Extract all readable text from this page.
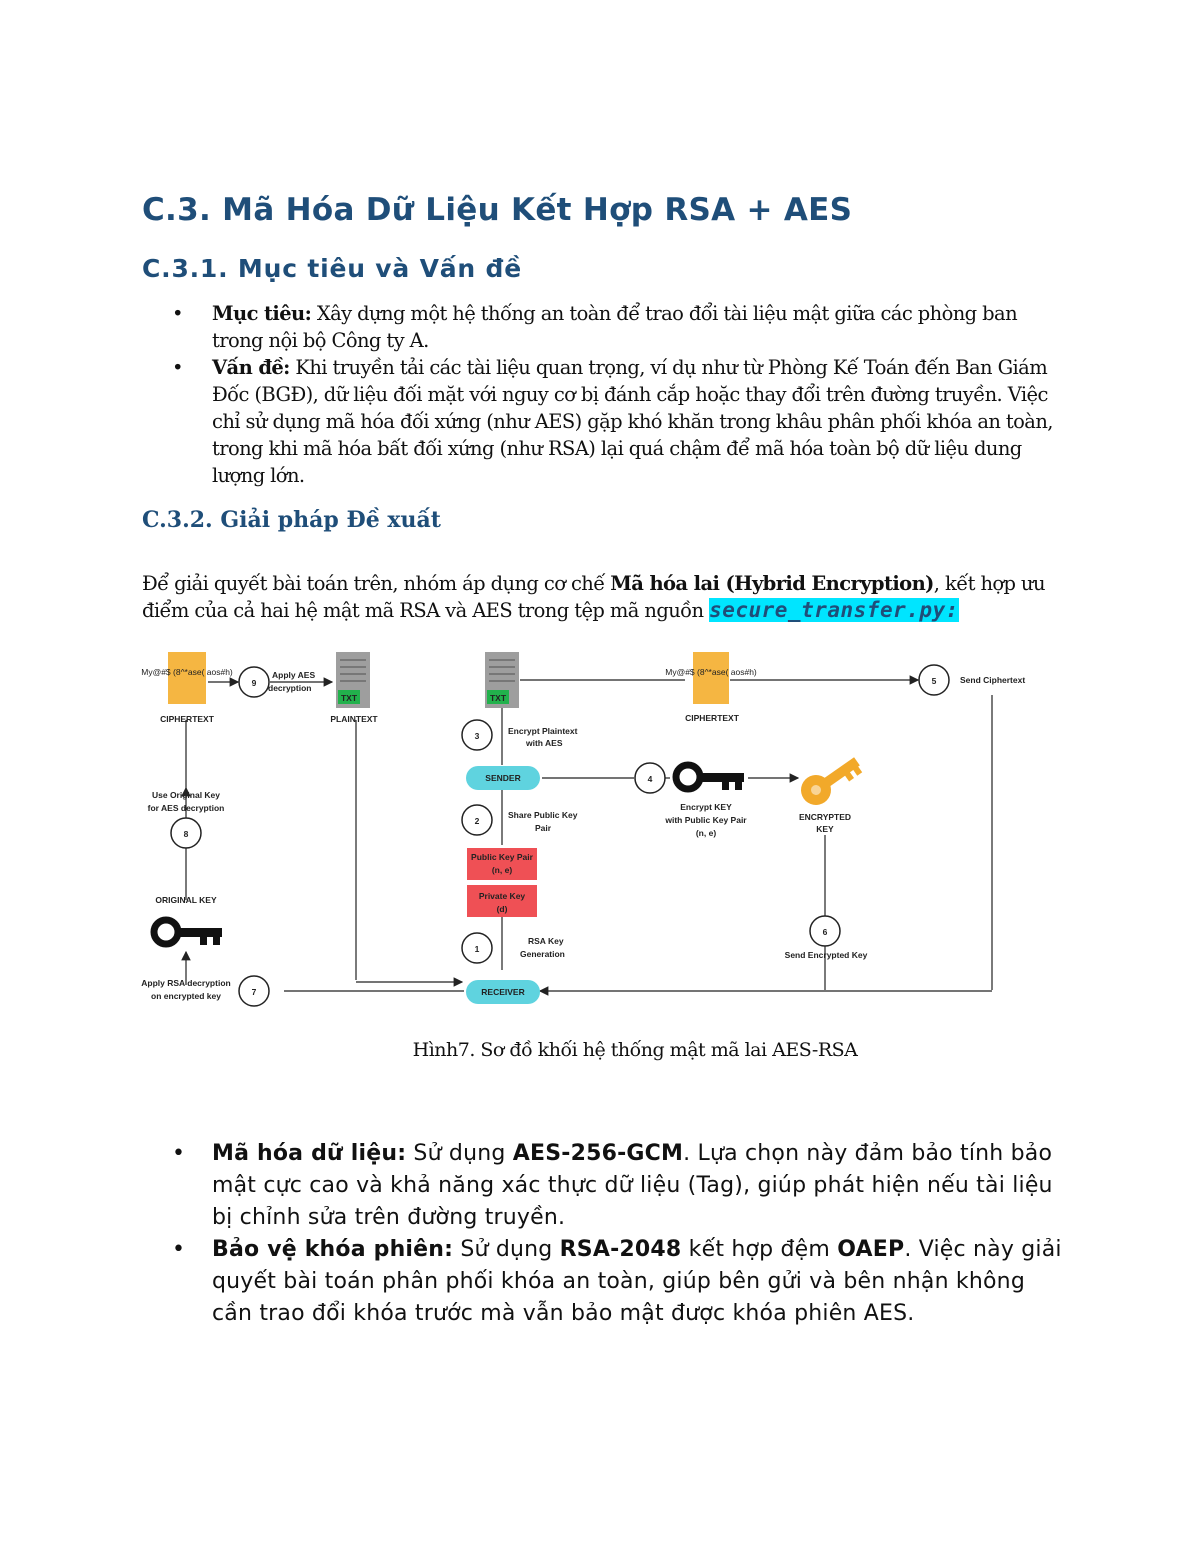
C.3. Mã Hóa Dữ Liệu Kết Hợp RSA + AES
C.3.1. Mục tiêu và Vấn đề
• Mục tiêu: Xây dựng một hệ thống an toàn để trao đổi tài liệu mật giữa các phòng ban trong nội bộ Công ty A.
• Vấn đề: Khi truyền tải các tài liệu quan trọng, ví dụ như từ Phòng Kế Toán đến Ban Giám Đốc (BGĐ), dữ liệu đối mặt với nguy cơ bị đánh cắp hoặc thay đổi trên đường truyền. Việc chỉ sử dụng mã hóa đối xứng (như AES) gặp khó khăn trong khâu phân phối khóa an toàn, trong khi mã hóa bất đối xứng (như RSA) lại quá chậm để mã hóa toàn bộ dữ liệu dung lượng lớn.
C.3.2. Giải pháp Đề xuất

Để giải quyết bài toán trên, nhóm áp dụng cơ chế Mã hóa lai (Hybrid Encryption), kết hợp ưu điểm của cả hai hệ mật mã RSA và AES trong tệp mã nguồn secure_transfer.py:

My@#$ (8^*ase( aos#h)
CIPHERTEXT
9
Apply AES
decryption
TXT
PLAINTEXT
TXT
My@#$ (8^*ase( aos#h)
CIPHERTEXT
5	Send Ciphertext
3	Encrypt Plaintext
with AES
SENDER	4
Encrypt KEY
with Public Key Pair
(n, e)
ENCRYPTED
KEY
2
Share Public Key
Pair
Public Key Pair
(n, e)
Private Key
(d)
1
RSA Key
Generation
RECEIVER
6
Send Encrypted Key
Use Original Key
for AES decryption
8
ORIGINAL KEY
Apply RSA decryption
on encrypted key	7
Hình7. Sơ đồ khối hệ thống mật mã lai AES-RSA
• Mã hóa dữ liệu: Sử dụng AES-256-GCM. Lựa chọn này đảm bảo tính bảo mật cực cao và khả năng xác thực dữ liệu (Tag), giúp phát hiện nếu tài liệu bị chỉnh sửa trên đường truyền.
• Bảo vệ khóa phiên: Sử dụng RSA-2048 kết hợp đệm OAEP. Việc này giải quyết bài toán phân phối khóa an toàn, giúp bên gửi và bên nhận không cần trao đổi khóa trước mà vẫn bảo mật được khóa phiên AES.
